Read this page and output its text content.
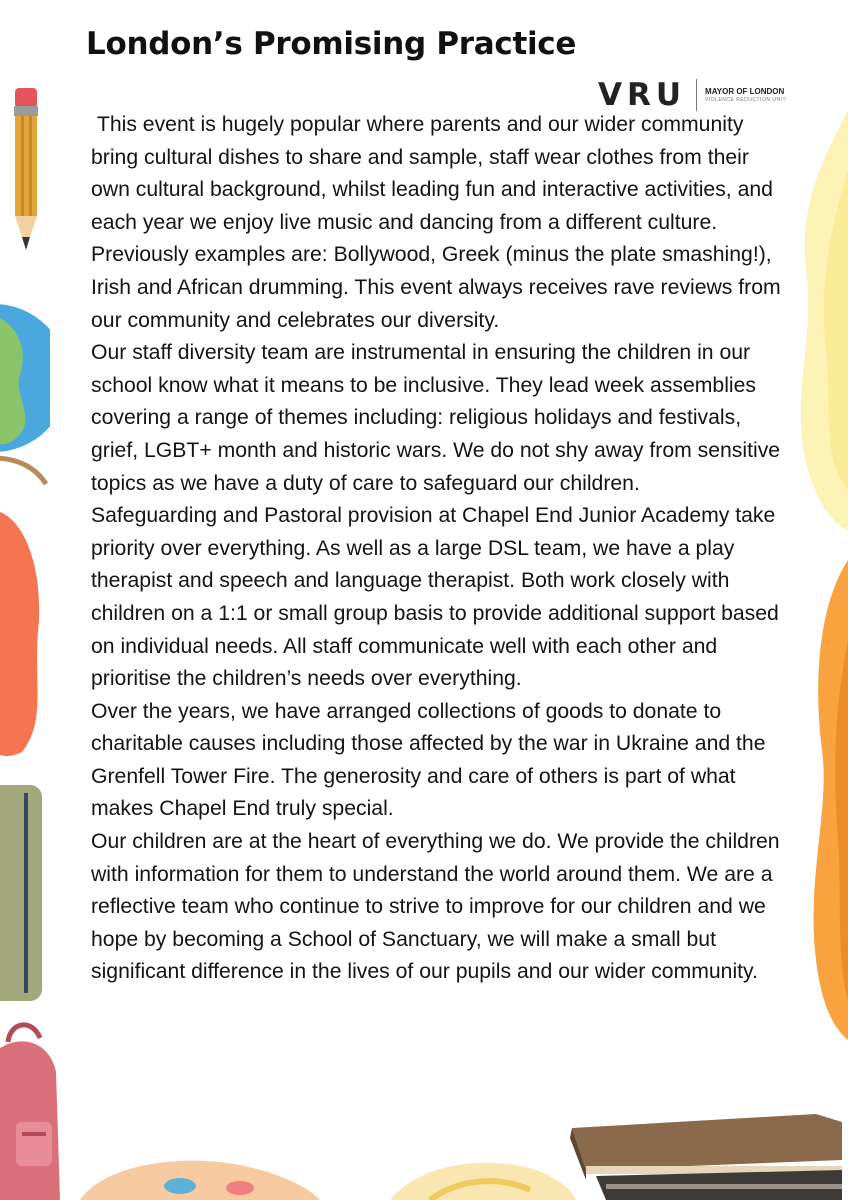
London’s Promising Practice
VRU MAYOR OF LONDON
VIOLENCE REDUCTION UNIT

This event is hugely popular where parents and our wider community bring cultural dishes to share and sample, staff wear clothes from their own cultural background, whilst leading fun and interactive activities, and each year we enjoy live music and dancing from a different culture. Previously examples are: Bollywood, Greek (minus the plate smashing!), Irish and African drumming. This event always receives rave reviews from our community and celebrates our diversity.

Our staff diversity team are instrumental in ensuring the children in our school know what it means to be inclusive. They lead week assemblies covering a range of themes including: religious holidays and festivals, grief, LGBT+ month and historic wars. We do not shy away from sensitive topics as we have a duty of care to safeguard our children.

Safeguarding and Pastoral provision at Chapel End Junior Academy take priority over everything. As well as a large DSL team, we have a play therapist and speech and language therapist. Both work closely with children on a 1:1 or small group basis to provide additional support based on individual needs. All staff communicate well with each other and prioritise the children’s needs over everything.

Over the years, we have arranged collections of goods to donate to charitable causes including those affected by the war in Ukraine and the Grenfell Tower Fire. The generosity and care of others is part of what makes Chapel End truly special.

Our children are at the heart of everything we do. We provide the children with information for them to understand the world around them. We are a reflective team who continue to strive to improve for our children and we hope by becoming a School of Sanctuary, we will make a small but significant difference in the lives of our pupils and our wider community.
